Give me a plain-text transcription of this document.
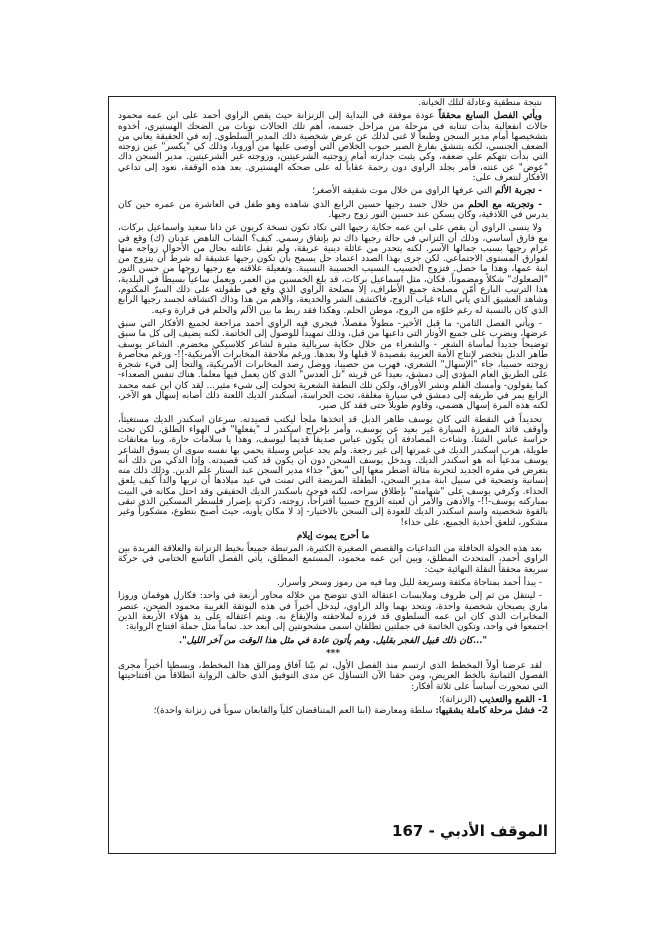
نتيجة منطقية وعادلة لتلك الخيانة.

ويأتي الفصل السابع محققاً عودة موفقة في البداية إلى الزنزانة حيث يقص الراوي أحمد على ابن عمه محمود حالات انفعالية بدأت تنتابه في مرحلة من مراحل جسمه، أهم تلك الحالات نوبات من الضحك الهستيري، أخذوه بتشخيصها أمام مدير السجن وطبعاً لا غنى لذلك عن عرض شخصية ذلك المدير السلطوي. إنه في الحقيقة يعاني من الضعف الجنسي، لكنه يتنشق بفارغ الصبر حبوب الخلاص التي أوصى عليها من أوروبا، وذلك كي "يكسر" عين زوجته التي بدأت تتهكم على ضعفه، وكي يثبت جدارته أمام زوجتيه الشرعيتين، وزوجته غير الشرعيتين. مدير السجن ذاك "عوض" عن عنته، فأمر بجلد الراوي دون رحمة عقاباً له على ضحكه الهستيري. بعد هذه الوقفة، نعود إلى تداعي الأفكار لنتعرف على:

- تجربة الألم التي عرفها الراوي من خلال موت شقيقه الأصغر؛

- وتجربته مع الحلم من خلال جسد رجيها حسين الرابع الذي شاهده وهو طفل في العاشرة من عمره حين كان يدرس في اللاذقية، وكان يسكن عند حسين النور زوج رجيها.

ولا ينسى الراوي أن يقص على ابن عمه حكاية رجيها التي تكاد تكون نسخة كربون عن دانا سعيد واسماعيل بركات، مع فارق أساسي، وذلك أن التزاني في حالة رجيها ذاك تم بإتفاق رسمي. كيف؟ الشاب الناهض عدنان (ك) وقع في غرام رجيها بسبب جمالها الآسر. لكنه يتحدر من عائلة دينية عريقة، ولم تقبل عائلته بحال من الأحوال زواجه منها لفوارق المستوى الاجتماعي. لكن جرى بهذا الصدد اعتماد حل يسمح بأن تكون رجيها عشيقة له شرط أن يتزوج من ابنة عمها، وهذا ما حصل. فتزوج الحسيب النسيب الحسيبة النسيبة. وتفعيلة علاقته مع رجيها زوجها من حسن النور "الصعلوك" شكلاً ومضموناً. فكان، مثل اسماعيل بركات، قد بلغ الخمسين من العمر، ويعمل ساعياً بسيطاً في البلدية، هذا الترتيب البارع أمّن مصلحة جميع الأطراف، إلا مصلحة الراوي الذي وقع في طفولته على ذلك السرّ المكتوم، وشاهد العشيق الذي يأتي الناء غياب الزوج، فاكتشف الشر والخديعة، والأهم من هذا وذاك اكتشافه لجسد رجيها الرابع الذي كان بالنسبة له رغم خلوّه من الروح، موطن الحلم. وهكذا فقد ربط ما بين الآلم والحلم في قرارة وعيه.

- ويأتي الفصل الثامن- ما قبل الأخير- مطولاً مفصلاً، فيجري فيه الراوي أحمد مراجعة لجميع الأفكار التي سبق عرضها، ويضرب على جميع الأوتار التي داعبها من قبل، وذلك تمهيداً للوصول إلى الخاتمة. لكنه يضيف إلى كل ما سبق توضيحاً جديداً لمأساة الشعر - والشعراء من خلال حكاية سريالية مثيرة لشاعر كلاسيكي مخضرم. الشاعر يوسف طاهر الدبل يتخضر لإنتاج الأمة العربية بقصيدة لا قبلها ولا بعدها. ورغم ملاحقة المخابرات الأمريكية-!!- ورغم محاصرة زوجته حسيبا، جاء "الإسهال" الشعري، فهرب من حصيبا، ووصل رصد المخابرات الأمريكية، والتجأ إلى فيء شجرة على الطريق العام المؤدي إلى دمشق، بعيداً عن قريته "تل العدس" الذي كان يعمل فيها معلماً. هناك تنفس الصعداء- كما يقولون- وأمسك القلم ونشر الأوراق، ولكن تلك النطفة الشعرية تحولت إلى شيء مثير... لقد كان ابن عمه محمد الرابع يمر في طريقه إلى دمشق في سيارة مغلقة، تحت الحراسة، أسكندر الديك اللعنة ذلك أصابه إسهال هو الآخر، لكنه هذه المرة إسهال هضمي، وقاوم طويلاً حتى فقد كل صبر،

تحديداً في النقطة التي كان يوسف طاهر الدبل قد اتخذها ملجأ ليكتب قصيدته. سرعان اسكندر الديك مستغيثاً، وأوقف قائد المفرزة السيارة غير بعيد عن يوسف، وأمر بإخراج اسكندر لـ "يفعلها" في الهواء الطلق، لكن تحت حراسة عباس الشتا. وشاءت المصادفة أن يكون عباس صديقاً قديماً ليوسف، وهذا يا سلامات حارة، وبيا معانقات طويلة، هرب اسكندر الديك في غمرتها إلى غير رجعة. ولم يجد عباس وسيلة يحمي بها نفسه سوى أن يسوق الشاعر يوسف مدعياً أنه هو اسكندر الديك. وبدخل يوسف السجن دون أن يكون قد كتب قصيدته. وإذا الذكي من ذلك أنه يتعرض في مقره الجديد لتجربة مثالة اضطر معها إلى "بعق" جذاء مدير السجن عبد الستار علم الدين. وذلك ذلك منه إنسانية وتضحية في سبيل ابنة مدير السجن، الطفلة المريضة التي تمنت في عيد ميلادها أن تربها والداً كيف يلعق الحذاء. وكرفي يوسف على "شهامته" بإطلاق سراحه، لكنه فوجئ باسكندر الديك الحقيقي وقد احتل مكانه في البيت بمباركته يوسف-!!- والأدهى والأمر أن لعبته الزوج حسيبا أقتراحاً، زوجته، ذكرته بإصرار فلسطر المسكين الذي تبقى بالقوة شخصيته واسم اسكندر الديك للعودة إلى السجن بالاختيار- إذ لا مكان يأويه، حيث أصبح بتطوع، مشكوراً وغير مشكور، لتلعق أحذية الجميع، على حذاء!

ما أحرج يموت إيلام

بعد هذه الجولة الحافلة من التداعيات والقصص الصغيرة الكثيرة، المرتبطة جميعاً بخيط الزنزانة والعلاقة الفريدة بين الراوي أحمد، المتحدث المطلق، وبين ابن عمه محمود، المستمع المطلق، يأتي الفصل التاسع الختامي في حركة سريعة محققاً النقلة النهائية حيث:

- يبدأ أحمد بمناجاة مكثفة وسريعة لليل وما فيه من رموز وسحر وأسرار.

- لينتقل من ثم إلى ظروف وملابسات اعتقاله الذي تتوضح من خلاله محاور أربعة في واحد: فكارل هوفمان وروزا ماري يصبحان شخصية واحدة، ويتحد بهما والد الراوي، ليدخل أخيراً في هذه البوتقة الغريبة محمود الضحن، عنصر المخابرات الذي كان ابن عمه السلطوي قد فرزه لملاحقته والإيقاع به. ويتم اعتقاله على يد هؤلاء الأربعة الذين اجتمعوا في واحد، وتكون الخاتمة في جملتين تطلقان اسمى مشحونتين إلى أبعد حد. تماماً مثل جملة افتتاح الرواية:

"...كان ذلك قبيل الفجر بقليل. وهم يأتون عادة في مثل هذا الوقت من آخر الليل".

***

لقد عرضنا أولاً المخطط الذي ارتسم منذ الفصل الأول، ثم بيّنا آفاق ومزالق هذا المخطط، وبسطنا أخيراً مجرى الفصول الثمانية بالخط العريض، ومن حقنا الآن التساؤل عن مدى التوفيق الذي حالف الرواية انطلاقاً من افتتاحيتها التي تمحورت أساساً على ثلاثة أفكار:

1- القمع والتعذيب (الزنزانة)؛

2- فشل مرحلة كاملة بشقيها: سلطة ومعارضة (ابنا العم المتناقضان كلياً والقابعان سوياً في زنزانة واحدة)؛

الموقف الأدبي - 167
